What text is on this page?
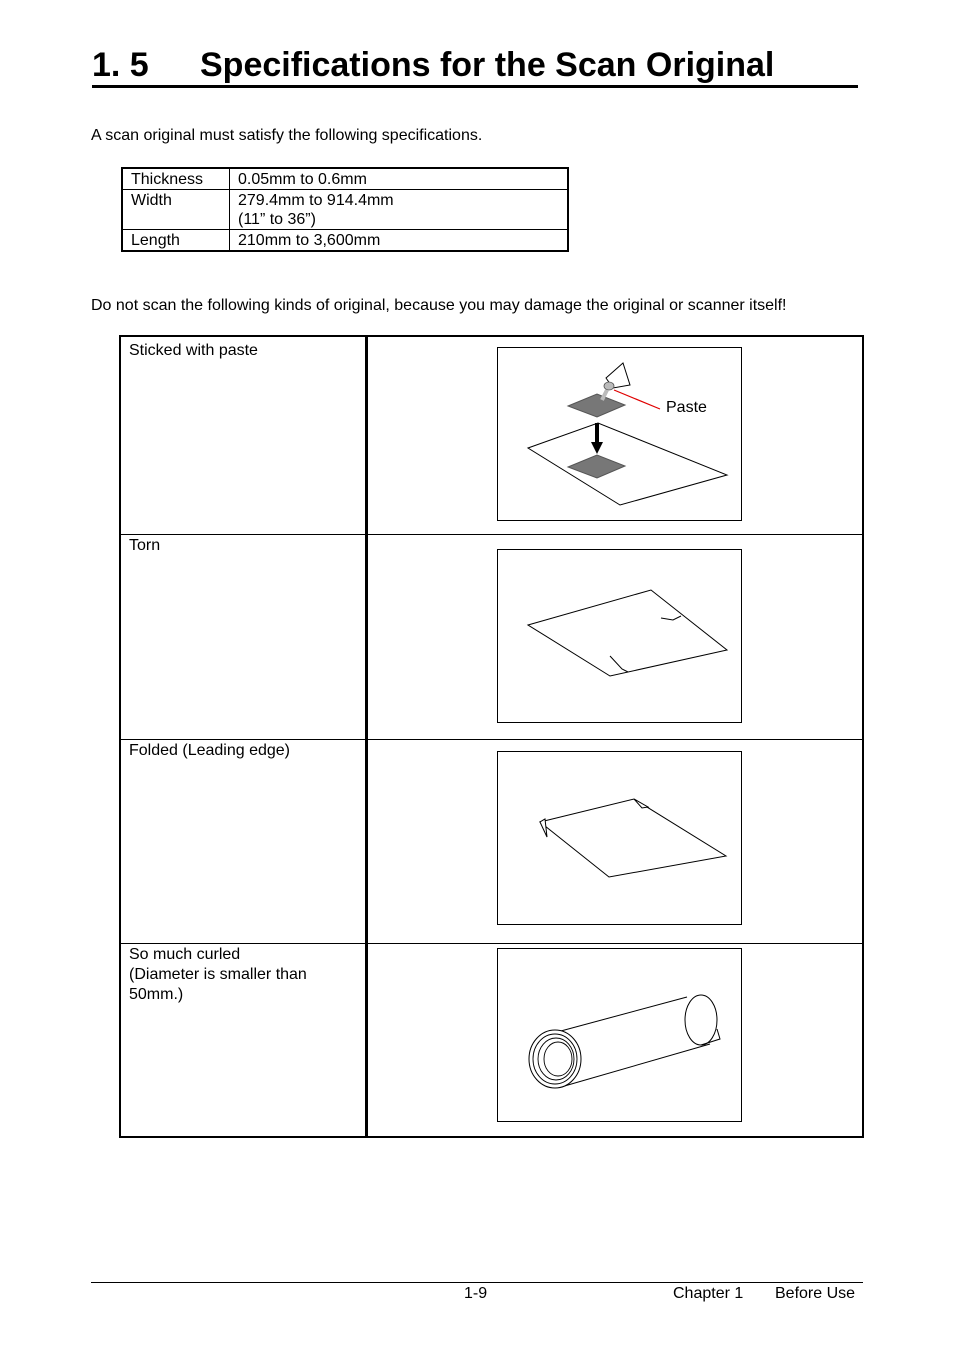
1. 5 Specifications for the Scan Original
A scan original must satisfy the following specifications.
Thickness	0.05mm to 0.6mm
Width	279.4mm to 914.4mm
(11” to 36”)

Length	210mm to 3,600mm
Do not scan the following kinds of original, because you may damage the original or scanner itself!
Sticked with paste
Paste
Torn
Folded (Leading edge)
So much curled
(Diameter is smaller than
50mm.)
1-9	Chapter 1 Before Use
